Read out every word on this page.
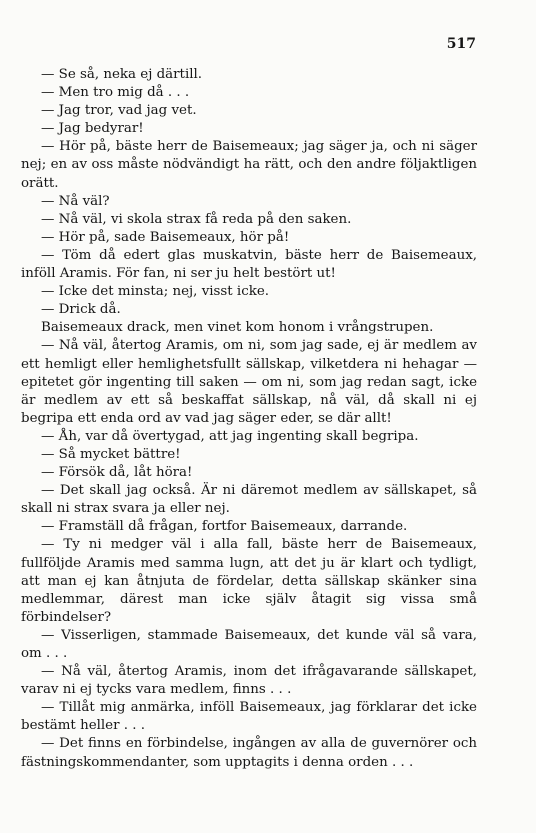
517

— Se så, neka ej därtill.

— Men tro mig då . . .

— Jag tror, vad jag vet.

— Jag bedyrar!

— Hör på, bäste herr de Baisemeaux; jag säger ja, och ni säger nej; en av oss måste nödvändigt ha rätt, och den andre följaktligen orätt.

— Nå väl?

— Nå väl, vi skola strax få reda på den saken.

— Hör på, sade Baisemeaux, hör på!

— Töm då edert glas muskatvin, bäste herr de Baisemeaux, inföll Aramis. För fan, ni ser ju helt bestört ut!

— Icke det minsta; nej, visst icke.

— Drick då.

Baisemeaux drack, men vinet kom honom i vrångstrupen.

— Nå väl, återtog Aramis, om ni, som jag sade, ej är medlem av ett hemligt eller hemlighetsfullt sällskap, vilketdera ni hehagar — epitetet gör ingenting till saken — om ni, som jag redan sagt, icke är medlem av ett så beskaffat sällskap, nå väl, då skall ni ej begripa ett enda ord av vad jag säger eder, se där allt!

— Åh, var då övertygad, att jag ingenting skall begripa.

— Så mycket bättre!

— Försök då, låt höra!

— Det skall jag också. Är ni däremot medlem av sällskapet, så skall ni strax svara ja eller nej.

— Framställ då frågan, fortfor Baisemeaux, darrande.

— Ty ni medger väl i alla fall, bäste herr de Baisemeaux, fullföljde Aramis med samma lugn, att det ju är klart och tydligt, att man ej kan åtnjuta de fördelar, detta sällskap skänker sina medlemmar, därest man icke själv åtagit sig vissa små förbindelser?

— Visserligen, stammade Baisemeaux, det kunde väl så vara, om . . .

— Nå väl, återtog Aramis, inom det ifrågavarande sällskapet, varav ni ej tycks vara medlem, finns . . .

— Tillåt mig anmärka, inföll Baisemeaux, jag förklarar det icke bestämt heller . . .

— Det finns en förbindelse, ingången av alla de guvernörer och fästningskommendanter, som upptagits i denna orden . . .
